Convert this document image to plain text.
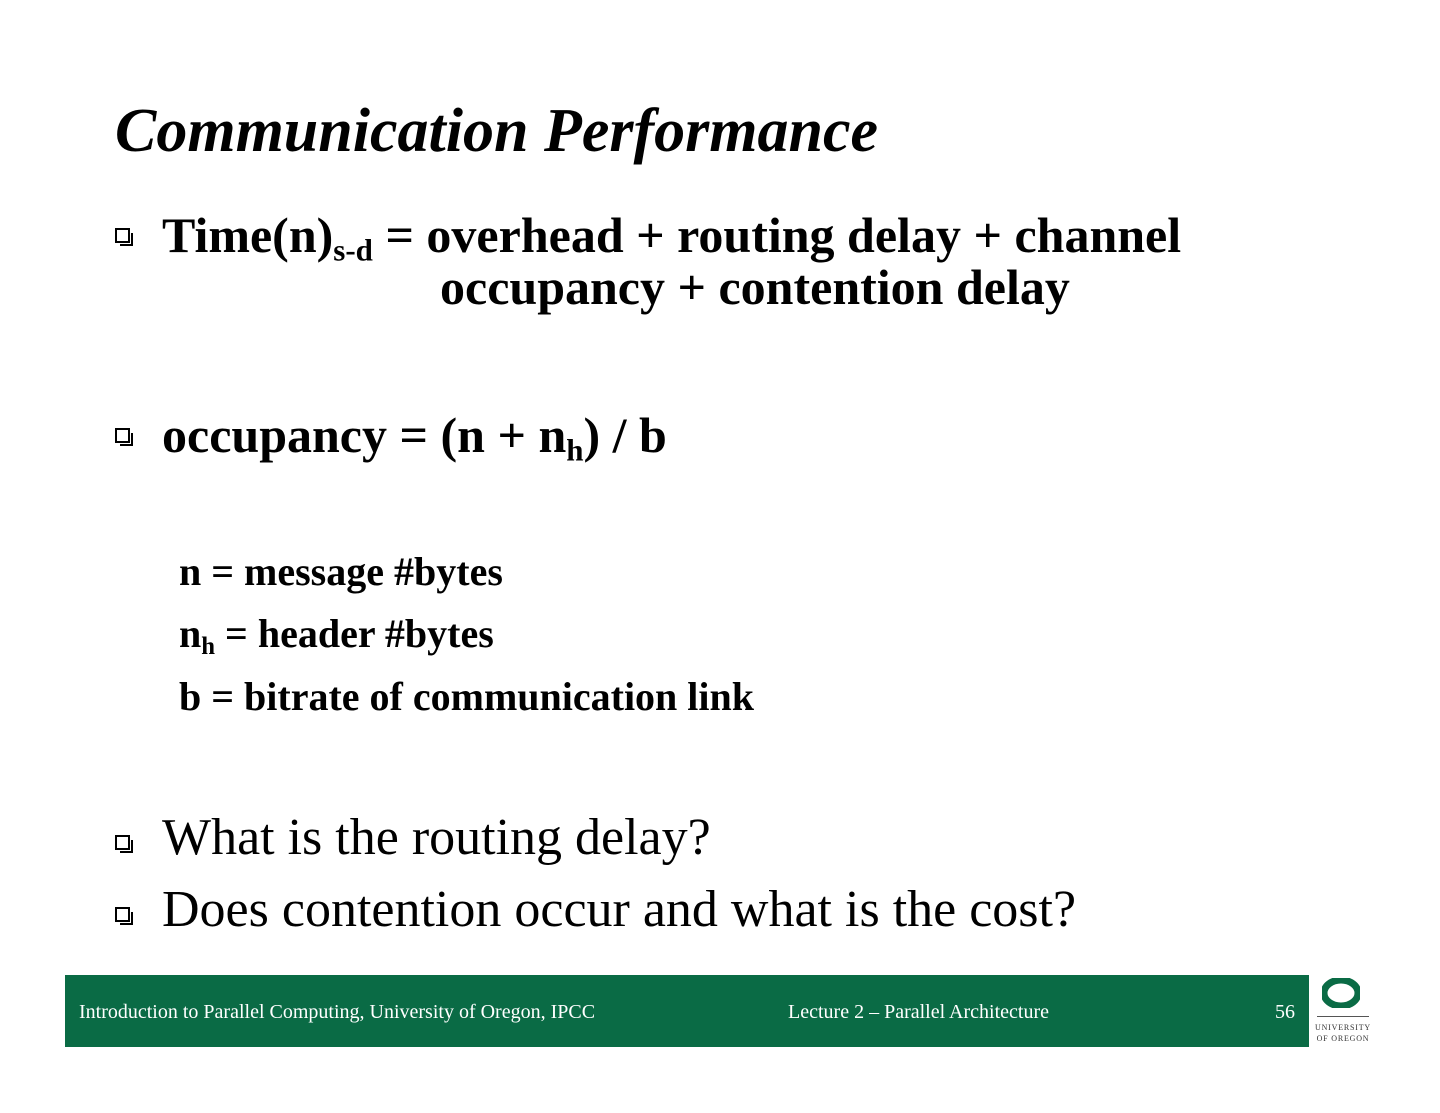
Communication Performance
$Time(n)_{s-d}$ = overhead + routing delay + channel
occupancy + contention delay
occupancy = $(n + n_h) / b$
n = message #bytes
$n_h$ = header #bytes
b = bitrate of communication link
What is the routing delay?
Does contention occur and what is the cost?
Introduction to Parallel Computing, University of Oregon, IPCC	Lecture 2 – Parallel Architecture	56
UNIVERSITY
OF OREGON
